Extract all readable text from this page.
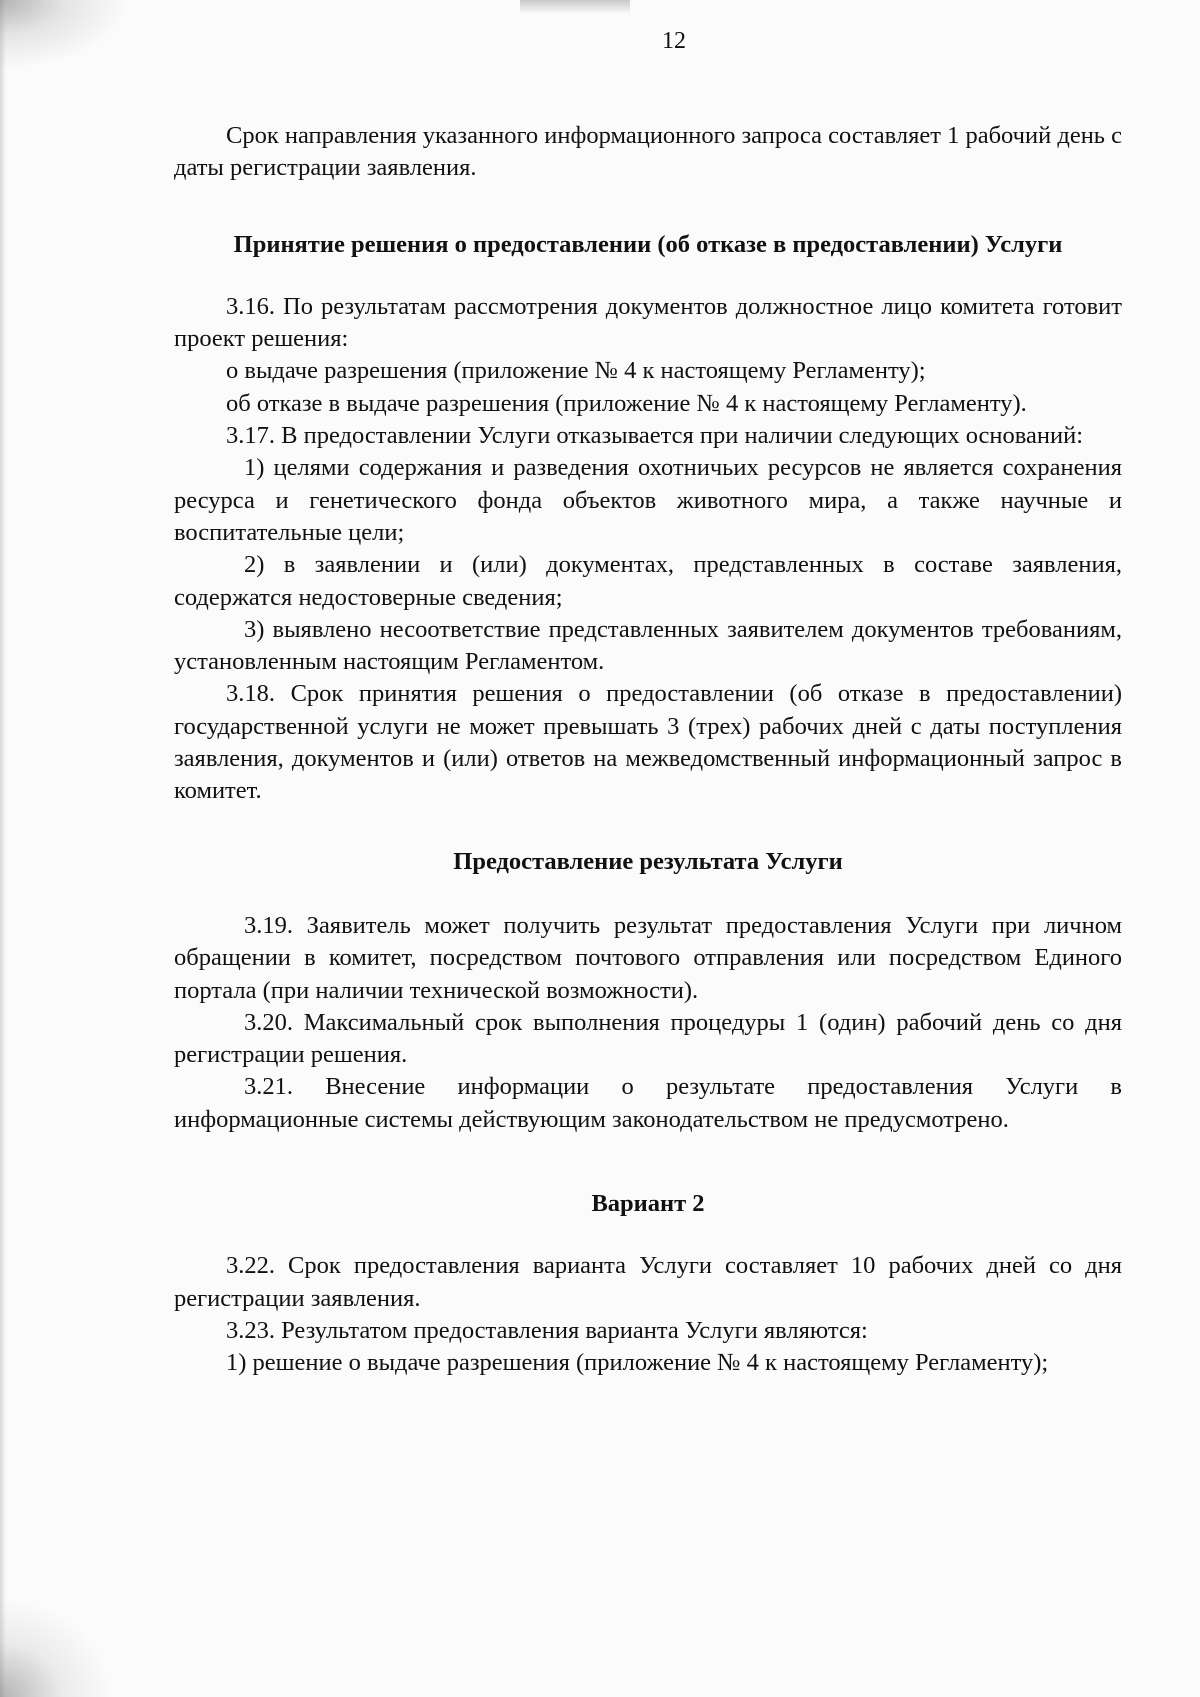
12

Срок направления указанного информационного запроса составляет 1 рабочий день с даты регистрации заявления.

Принятие решения о предоставлении (об отказе в предоставлении) Услуги

3.16. По результатам рассмотрения документов должностное лицо комитета готовит проект решения:

о выдаче разрешения (приложение № 4 к настоящему Регламенту);

об отказе в выдаче разрешения (приложение № 4 к настоящему Регламенту).

3.17. В предоставлении Услуги отказывается при наличии следующих оснований:

1) целями содержания и разведения охотничьих ресурсов не является сохранения ресурса и генетического фонда объектов животного мира, а также научные и воспитательные цели;

2) в заявлении и (или) документах, представленных в составе заявления, содержатся недостоверные сведения;

3) выявлено несоответствие представленных заявителем документов требованиям, установленным настоящим Регламентом.

3.18. Срок принятия решения о предоставлении (об отказе в предоставлении) государственной услуги не может превышать 3 (трех) рабочих дней с даты поступления заявления, документов и (или) ответов на межведомственный информационный запрос в комитет.

Предоставление результата Услуги

3.19. Заявитель может получить результат предоставления Услуги при личном обращении в комитет, посредством почтового отправления или посредством Единого портала (при наличии технической возможности).

3.20. Максимальный срок выполнения процедуры 1 (один) рабочий день со дня регистрации решения.

3.21. Внесение информации о результате предоставления Услуги в информационные системы действующим законодательством не предусмотрено.

Вариант 2

3.22. Срок предоставления варианта Услуги составляет 10 рабочих дней со дня регистрации заявления.

3.23. Результатом предоставления варианта Услуги являются:

1) решение о выдаче разрешения (приложение № 4 к настоящему Регламенту);
